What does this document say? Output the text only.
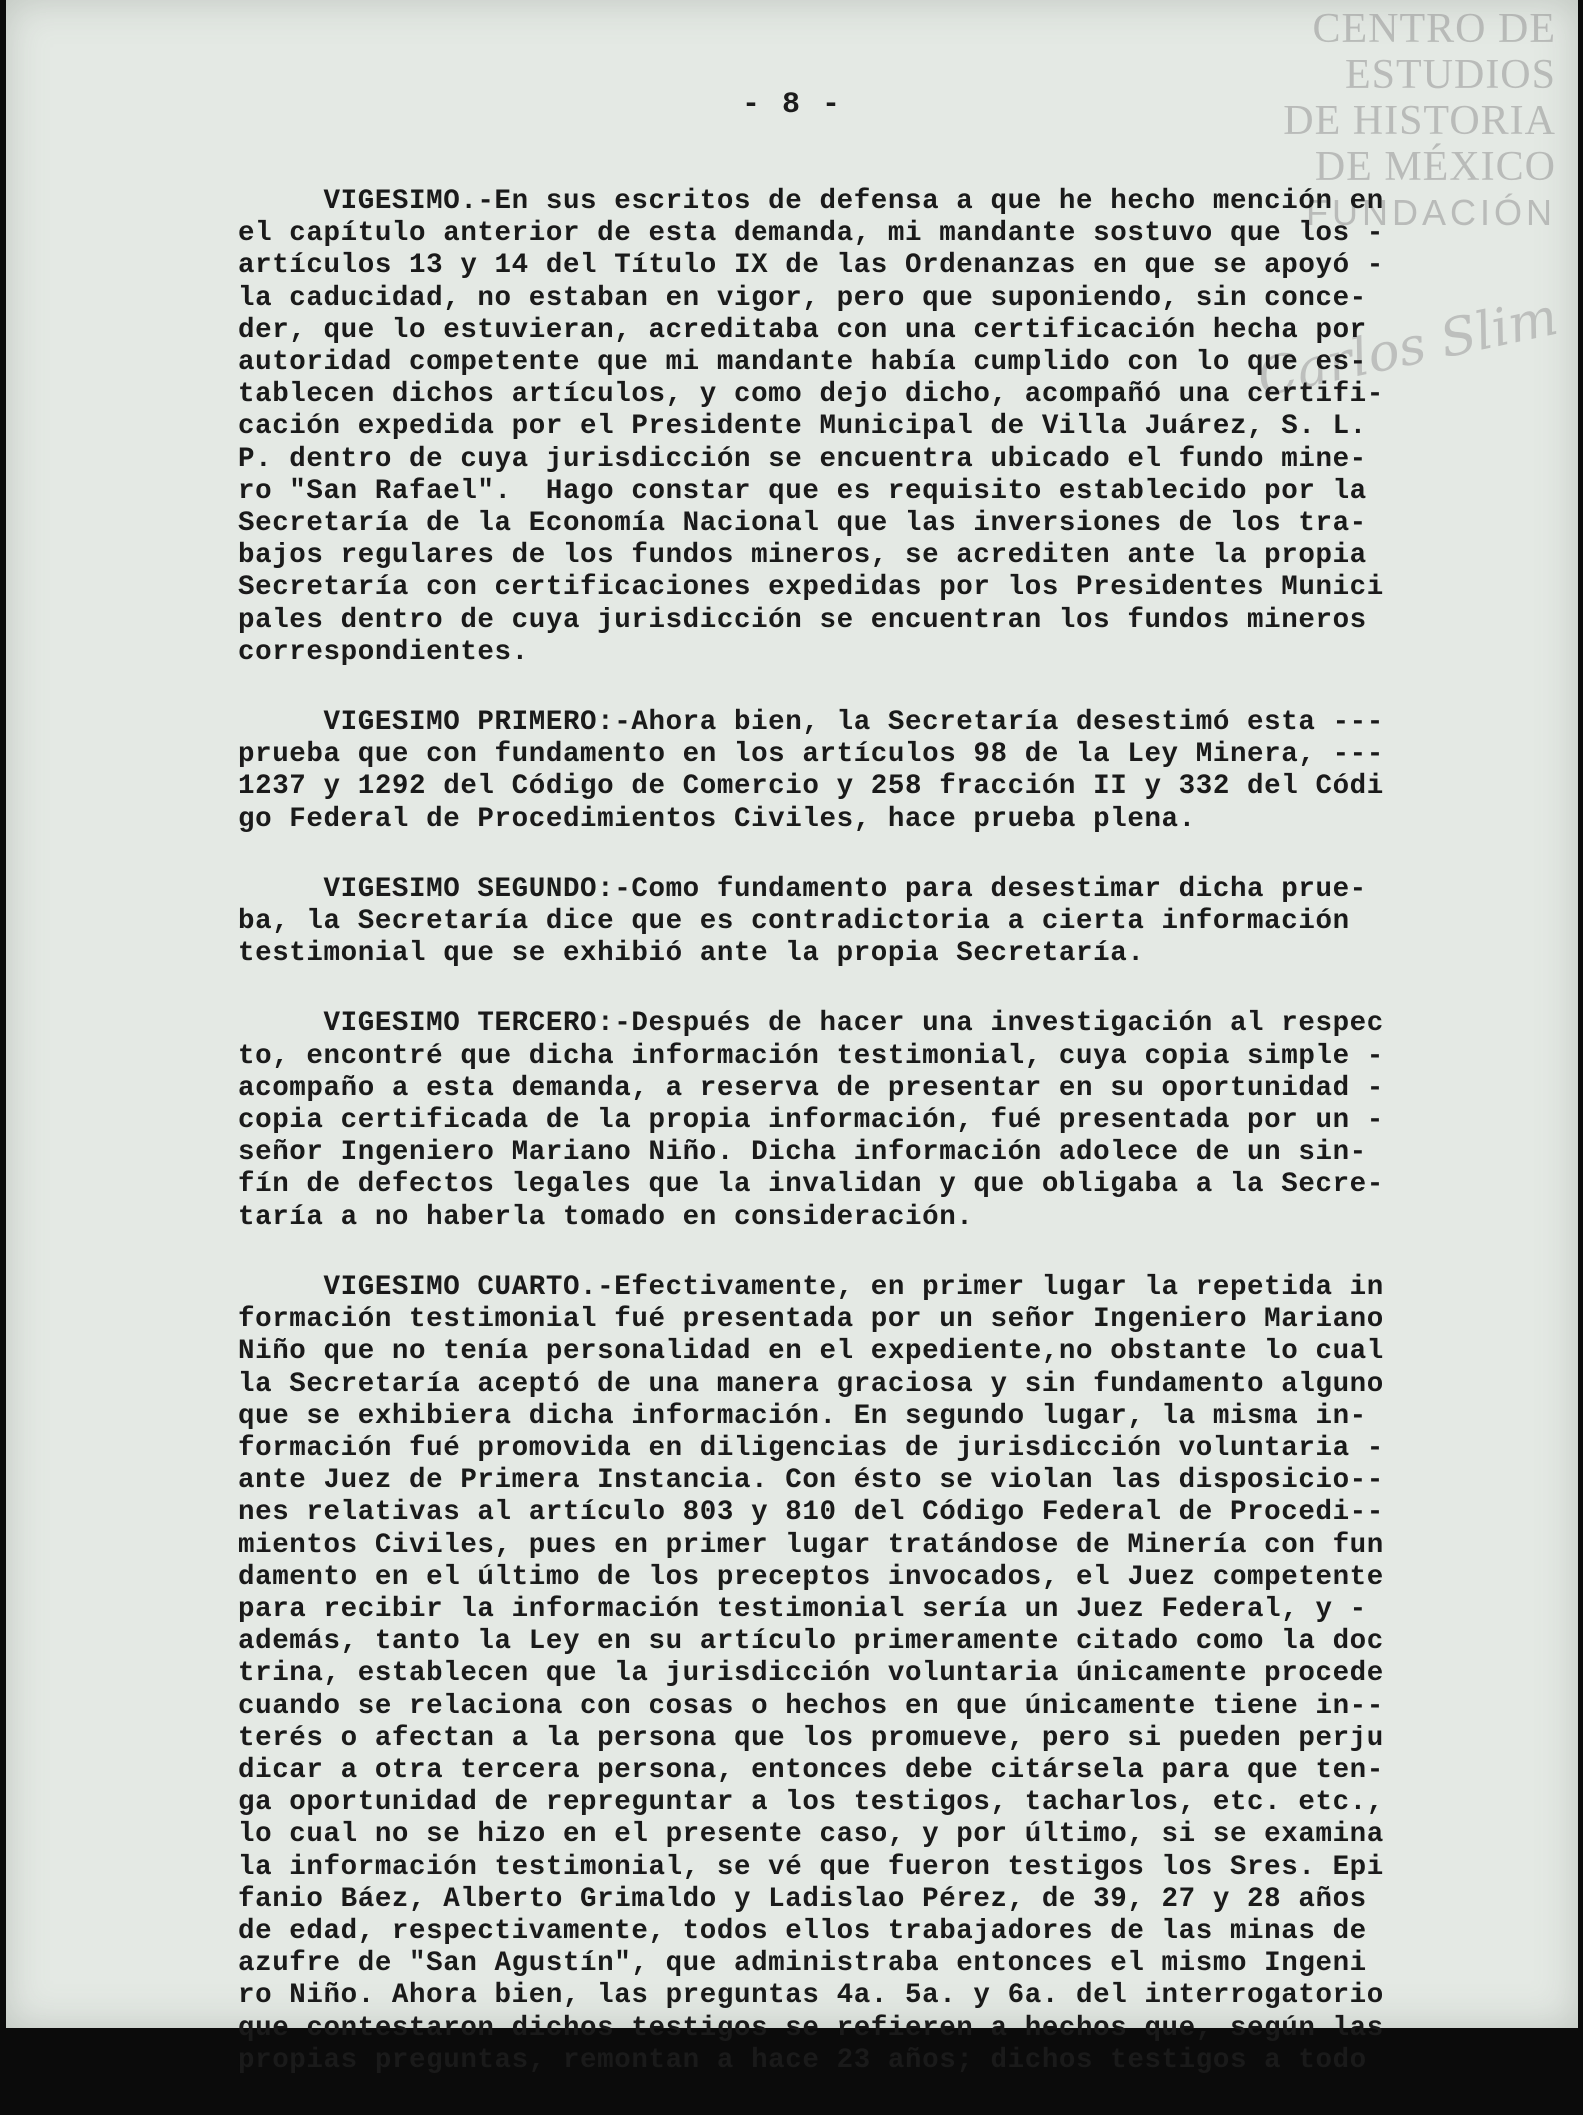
CENTRO DE
ESTUDIOS
DE HISTORIA
DE MÉXICO
FUNDACIÓN
Carlos Slim
- 8 -
VIGESIMO.-En sus escritos de defensa a que he hecho mención en
el capítulo anterior de esta demanda, mi mandante sostuvo que los -
artículos 13 y 14 del Título IX de las Ordenanzas en que se apoyó -
la caducidad, no estaban en vigor, pero que suponiendo, sin conce-
der, que lo estuvieran, acreditaba con una certificación hecha por
autoridad competente que mi mandante había cumplido con lo que es-
tablecen dichos artículos, y como dejo dicho, acompañó una certifi-
cación expedida por el Presidente Municipal de Villa Juárez, S. L.
P. dentro de cuya jurisdicción se encuentra ubicado el fundo mine-
ro "San Rafael".  Hago constar que es requisito establecido por la
Secretaría de la Economía Nacional que las inversiones de los tra-
bajos regulares de los fundos mineros, se acrediten ante la propia
Secretaría con certificaciones expedidas por los Presidentes Munici
pales dentro de cuya jurisdicción se encuentran los fundos mineros
correspondientes.
VIGESIMO PRIMERO:-Ahora bien, la Secretaría desestimó esta ---
prueba que con fundamento en los artículos 98 de la Ley Minera, ---
1237 y 1292 del Código de Comercio y 258 fracción II y 332 del Códi
go Federal de Procedimientos Civiles, hace prueba plena.
VIGESIMO SEGUNDO:-Como fundamento para desestimar dicha prue-
ba, la Secretaría dice que es contradictoria a cierta información
testimonial que se exhibió ante la propia Secretaría.
VIGESIMO TERCERO:-Después de hacer una investigación al respec
to, encontré que dicha información testimonial, cuya copia simple -
acompaño a esta demanda, a reserva de presentar en su oportunidad -
copia certificada de la propia información, fué presentada por un -
señor Ingeniero Mariano Niño. Dicha información adolece de un sin-
fín de defectos legales que la invalidan y que obligaba a la Secre-
taría a no haberla tomado en consideración.
VIGESIMO CUARTO.-Efectivamente, en primer lugar la repetida in
formación testimonial fué presentada por un señor Ingeniero Mariano
Niño que no tenía personalidad en el expediente,no obstante lo cual
la Secretaría aceptó de una manera graciosa y sin fundamento alguno
que se exhibiera dicha información. En segundo lugar, la misma in-
formación fué promovida en diligencias de jurisdicción voluntaria -
ante Juez de Primera Instancia. Con ésto se violan las disposicio--
nes relativas al artículo 803 y 810 del Código Federal de Procedi--
mientos Civiles, pues en primer lugar tratándose de Minería con fun
damento en el último de los preceptos invocados, el Juez competente
para recibir la información testimonial sería un Juez Federal, y -
además, tanto la Ley en su artículo primeramente citado como la doc
trina, establecen que la jurisdicción voluntaria únicamente procede
cuando se relaciona con cosas o hechos en que únicamente tiene in--
terés o afectan a la persona que los promueve, pero si pueden perju
dicar a otra tercera persona, entonces debe citársela para que ten-
ga oportunidad de repreguntar a los testigos, tacharlos, etc. etc.,
lo cual no se hizo en el presente caso, y por último, si se examina
la información testimonial, se vé que fueron testigos los Sres. Epi
fanio Báez, Alberto Grimaldo y Ladislao Pérez, de 39, 27 y 28 años
de edad, respectivamente, todos ellos trabajadores de las minas de
azufre de "San Agustín", que administraba entonces el mismo Ingeni
ro Niño. Ahora bien, las preguntas 4a. 5a. y 6a. del interrogatorio
que contestaron dichos testigos se refieren a hechos que, según las
propias preguntas, remontan a hace 23 años; dichos testigos a todo
